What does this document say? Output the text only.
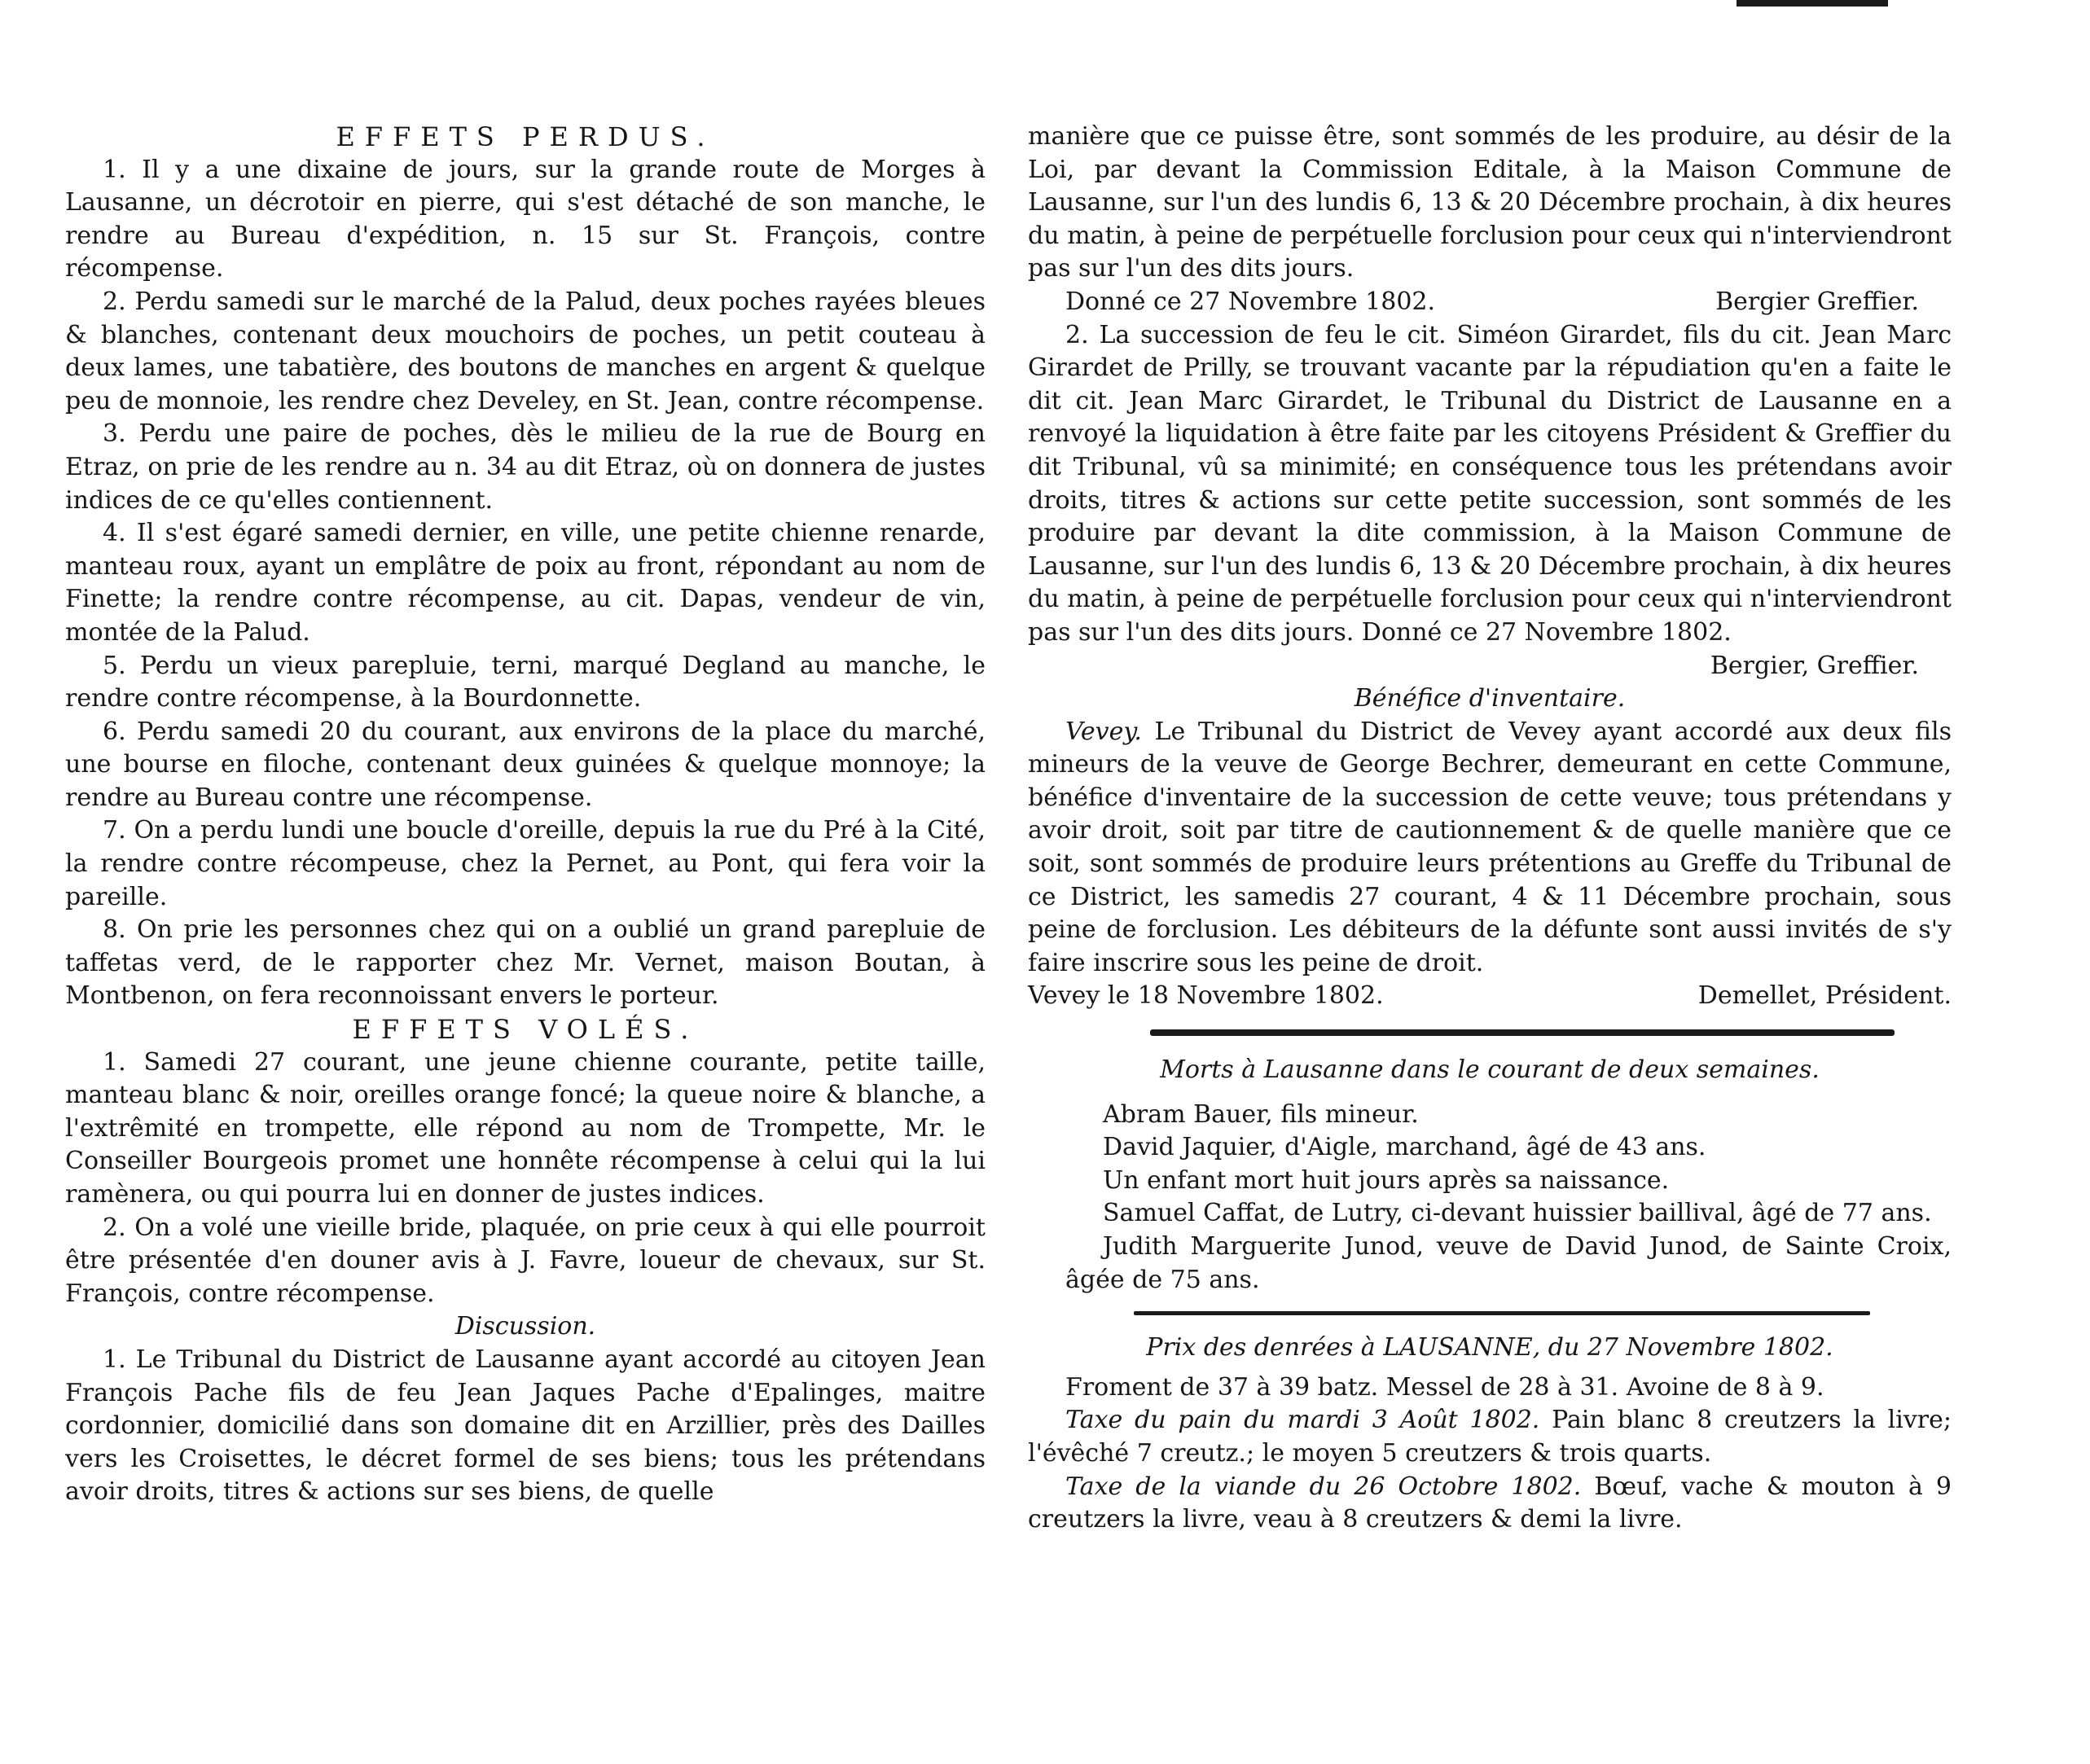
EFFETS PERDUS.

1. Il y a une dixaine de jours, sur la grande route de Morges à Lausanne, un décrotoir en pierre, qui s'est détaché de son manche, le rendre au Bureau d'expédition, n. 15 sur St. François, contre récompense.

2. Perdu samedi sur le marché de la Palud, deux poches rayées bleues & blanches, contenant deux mouchoirs de poches, un petit couteau à deux lames, une tabatière, des boutons de manches en argent & quelque peu de monnoie, les rendre chez Develey, en St. Jean, contre récompense.

3. Perdu une paire de poches, dès le milieu de la rue de Bourg en Etraz, on prie de les rendre au n. 34 au dit Etraz, où on donnera de justes indices de ce qu'elles contiennent.

4. Il s'est égaré samedi dernier, en ville, une petite chienne renarde, manteau roux, ayant un emplâtre de poix au front, répondant au nom de Finette; la rendre contre récompense, au cit. Dapas, vendeur de vin, montée de la Palud.

5. Perdu un vieux parepluie, terni, marqué Degland au manche, le rendre contre récompense, à la Bourdonnette.

6. Perdu samedi 20 du courant, aux environs de la place du marché, une bourse en filoche, contenant deux guinées & quelque monnoye; la rendre au Bureau contre une récompense.

7. On a perdu lundi une boucle d'oreille, depuis la rue du Pré à la Cité, la rendre contre récompeuse, chez la Pernet, au Pont, qui fera voir la pareille.

8. On prie les personnes chez qui on a oublié un grand parepluie de taffetas verd, de le rapporter chez Mr. Vernet, maison Boutan, à Montbenon, on fera reconnoissant envers le porteur.

EFFETS VOLÉS.

1. Samedi 27 courant, une jeune chienne courante, petite taille, manteau blanc & noir, oreilles orange foncé; la queue noire & blanche, a l'extrêmité en trompette, elle répond au nom de Trompette, Mr. le Conseiller Bourgeois promet une honnête récompense à celui qui la lui ramènera, ou qui pourra lui en donner de justes indices.

2. On a volé une vieille bride, plaquée, on prie ceux à qui elle pourroit être présentée d'en douner avis à J. Favre, loueur de chevaux, sur St. François, contre récompense.

Discussion.

1. Le Tribunal du District de Lausanne ayant accordé au citoyen Jean François Pache fils de feu Jean Jaques Pache d'Epalinges, maitre cordonnier, domicilié dans son domaine dit en Arzillier, près des Dailles vers les Croisettes, le décret formel de ses biens; tous les prétendans avoir droits, titres & actions sur ses biens, de quelle

manière que ce puisse être, sont sommés de les produire, au désir de la Loi, par devant la Commission Editale, à la Maison Commune de Lausanne, sur l'un des lundis 6, 13 & 20 Décembre prochain, à dix heures du matin, à peine de perpétuelle forclusion pour ceux qui n'interviendront pas sur l'un des dits jours.

Donné ce 27 Novembre 1802.	Bergier Greffier.

2. La succession de feu le cit. Siméon Girardet, fils du cit. Jean Marc Girardet de Prilly, se trouvant vacante par la répudiation qu'en a faite le dit cit. Jean Marc Girardet, le Tribunal du District de Lausanne en a renvoyé la liquidation à être faite par les citoyens Président & Greffier du dit Tribunal, vû sa minimité; en conséquence tous les prétendans avoir droits, titres & actions sur cette petite succession, sont sommés de les produire par devant la dite commission, à la Maison Commune de Lausanne, sur l'un des lundis 6, 13 & 20 Décembre prochain, à dix heures du matin, à peine de perpétuelle forclusion pour ceux qui n'interviendront pas sur l'un des dits jours. Donné ce 27 Novembre 1802.

Bergier, Greffier.
Bénéfice d'inventaire.

Vevey. Le Tribunal du District de Vevey ayant accordé aux deux fils mineurs de la veuve de George Bechrer, demeurant en cette Commune, bénéfice d'inventaire de la succession de cette veuve; tous prétendans y avoir droit, soit par titre de cautionnement & de quelle manière que ce soit, sont sommés de produire leurs prétentions au Greffe du Tribunal de ce District, les samedis 27 courant, 4 & 11 Décembre prochain, sous peine de forclusion. Les débiteurs de la défunte sont aussi invités de s'y faire inscrire sous les peine de droit.

Vevey le 18 Novembre 1802.	Demellet, Président.
Morts à Lausanne dans le courant de deux semaines.

Abram Bauer, fils mineur.

David Jaquier, d'Aigle, marchand, âgé de 43 ans.

Un enfant mort huit jours après sa naissance.

Samuel Caffat, de Lutry, ci-devant huissier baillival, âgé de 77 ans.

Judith Marguerite Junod, veuve de David Junod, de Sainte Croix, âgée de 75 ans.

Prix des denrées à LAUSANNE, du 27 Novembre 1802.

Froment de 37 à 39 batz. Messel de 28 à 31. Avoine de 8 à 9.

Taxe du pain du mardi 3 Août 1802. Pain blanc 8 creutzers la livre; l'évêché 7 creutz.; le moyen 5 creutzers & trois quarts.

Taxe de la viande du 26 Octobre 1802. Bœuf, vache & mouton à 9 creutzers la livre, veau à 8 creutzers & demi la livre.
